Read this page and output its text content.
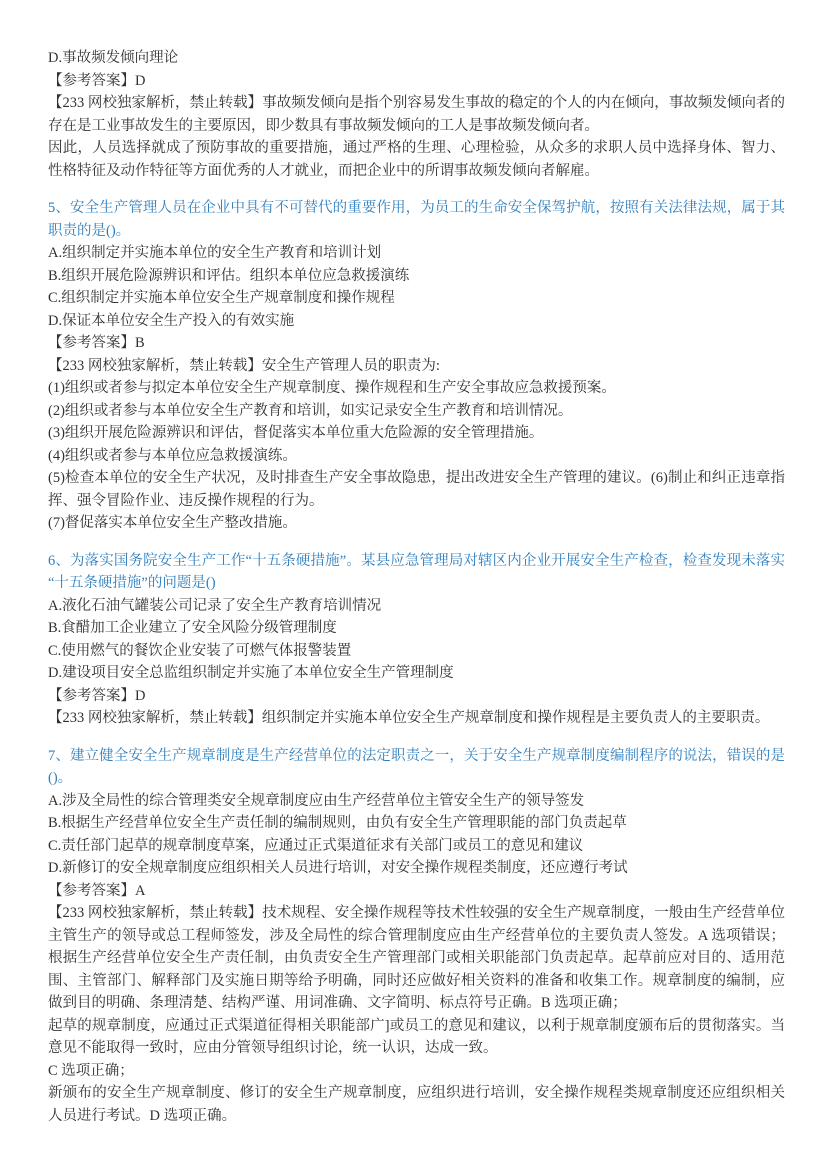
D.事故频发倾向理论

【参考答案】D

【233 网校独家解析，禁止转载】事故频发倾向是指个别容易发生事故的稳定的个人的内在倾向，事故频发倾向者的存在是工业事故发生的主要原因，即少数具有事故频发倾向的工人是事故频发倾向者。

因此，人员选择就成了预防事故的重要措施，通过严格的生理、心理检验，从众多的求职人员中选择身体、智力、性格特征及动作特征等方面优秀的人才就业，而把企业中的所谓事故频发倾向者解雇。

5、安全生产管理人员在企业中具有不可替代的重要作用，为员工的生命安全保驾护航，按照有关法律法规，属于其职责的是()。

A.组织制定并实施本单位的安全生产教育和培训计划

B.组织开展危险源辨识和评估。组织本单位应急救援演练

C.组织制定并实施本单位安全生产规章制度和操作规程

D.保证本单位安全生产投入的有效实施

【参考答案】B

【233 网校独家解析，禁止转载】安全生产管理人员的职责为:

(1)组织或者参与拟定本单位安全生产规章制度、操作规程和生产安全事故应急救援预案。

(2)组织或者参与本单位安全生产教育和培训，如实记录安全生产教育和培训情况。

(3)组织开展危险源辨识和评估，督促落实本单位重大危险源的安全管理措施。

(4)组织或者参与本单位应急救援演练。

(5)检查本单位的安全生产状况，及时排查生产安全事故隐患，提出改进安全生产管理的建议。(6)制止和纠正违章指挥、强令冒险作业、违反操作规程的行为。

(7)督促落实本单位安全生产整改措施。

6、为落实国务院安全生产工作“十五条硬措施”。某县应急管理局对辖区内企业开展安全生产检查，检查发现未落实“十五条硬措施”的问题是()

A.液化石油气罐装公司记录了安全生产教育培训情况

B.食醋加工企业建立了安全风险分级管理制度

C.使用燃气的餐饮企业安装了可燃气体报警装置

D.建设项目安全总监组织制定并实施了本单位安全生产管理制度

【参考答案】D

【233 网校独家解析，禁止转载】组织制定并实施本单位安全生产规章制度和操作规程是主要负责人的主要职责。

7、建立健全安全生产规章制度是生产经营单位的法定职责之一，关于安全生产规章制度编制程序的说法，错误的是()。

A.涉及全局性的综合管理类安全规章制度应由生产经营单位主管安全生产的领导签发

B.根据生产经营单位安全生产责任制的编制规则，由负有安全生产管理职能的部门负责起草

C.责任部门起草的规章制度草案，应通过正式渠道征求有关部门或员工的意见和建议

D.新修订的安全规章制度应组织相关人员进行培训，对安全操作规程类制度，还应遵行考试

【参考答案】A

【233 网校独家解析，禁止转载】技术规程、安全操作规程等技术性较强的安全生产规章制度，一般由生产经营单位主管生产的领导或总工程师签发，涉及全局性的综合管理制度应由生产经营单位的主要负责人签发。A 选项错误；根据生产经营单位安全生产责任制，由负责安全生产管理部门或相关职能部门负责起草。起草前应对目的、适用范围、主管部门、解释部门及实施日期等给予明确，同时还应做好相关资料的准备和收集工作。规章制度的编制，应做到目的明确、条理清楚、结构严谨、用词准确、文字简明、标点符号正确。B 选项正确；

起草的规章制度，应通过正式渠道征得相关职能部广]或员工的意见和建议，以利于规章制度颁布后的贯彻落实。当意见不能取得一致时，应由分管领导组织讨论，统一认识，达成一致。

C 选项正确；

新颁布的安全生产规章制度、修订的安全生产规章制度，应组织进行培训，安全操作规程类规章制度还应组织相关人员进行考试。D 选项正确。
